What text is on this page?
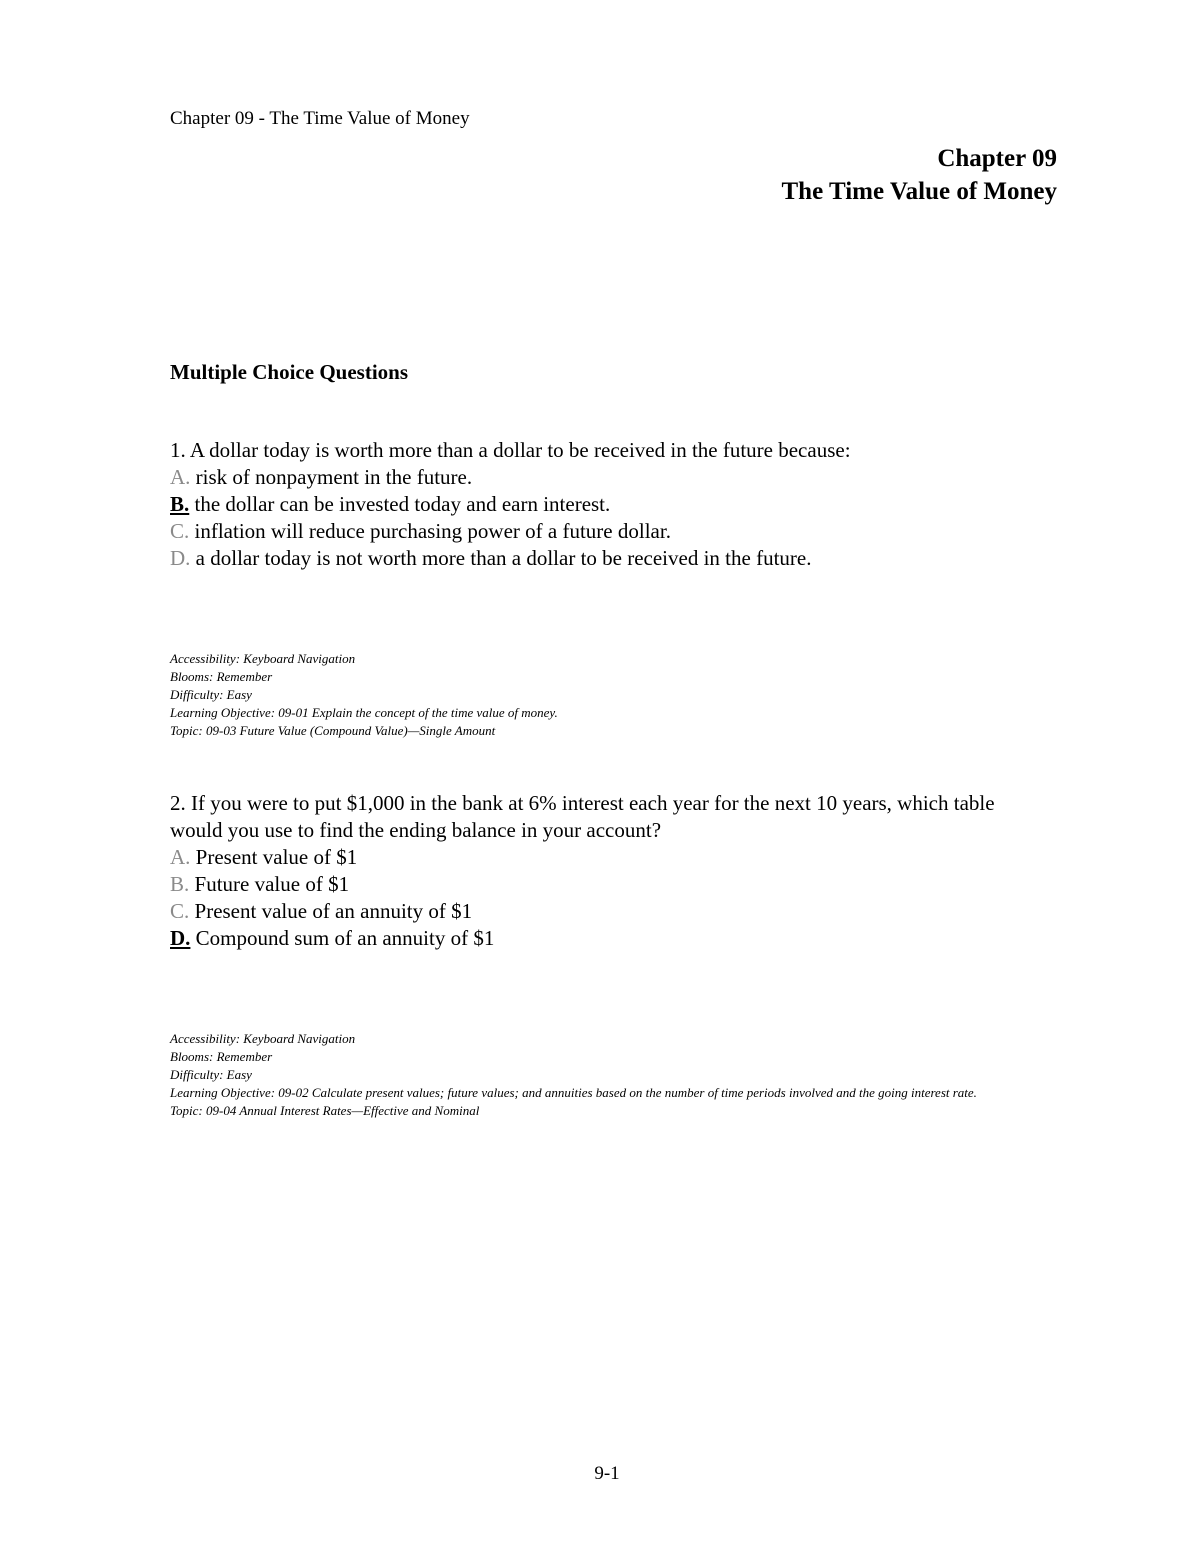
Chapter 09 - The Time Value of Money
Chapter 09
The Time Value of Money
Multiple Choice Questions
1. A dollar today is worth more than a dollar to be received in the future because:
A. risk of nonpayment in the future.
B. the dollar can be invested today and earn interest.
C. inflation will reduce purchasing power of a future dollar.
D. a dollar today is not worth more than a dollar to be received in the future.
Accessibility: Keyboard Navigation
Blooms: Remember
Difficulty: Easy
Learning Objective: 09-01 Explain the concept of the time value of money.
Topic: 09-03 Future Value (Compound Value)—Single Amount
2. If you were to put $1,000 in the bank at 6% interest each year for the next 10 years, which table would you use to find the ending balance in your account?
A. Present value of $1
B. Future value of $1
C. Present value of an annuity of $1
D. Compound sum of an annuity of $1
Accessibility: Keyboard Navigation
Blooms: Remember
Difficulty: Easy
Learning Objective: 09-02 Calculate present values; future values; and annuities based on the number of time periods involved and the going interest rate.
Topic: 09-04 Annual Interest Rates—Effective and Nominal
9-1
